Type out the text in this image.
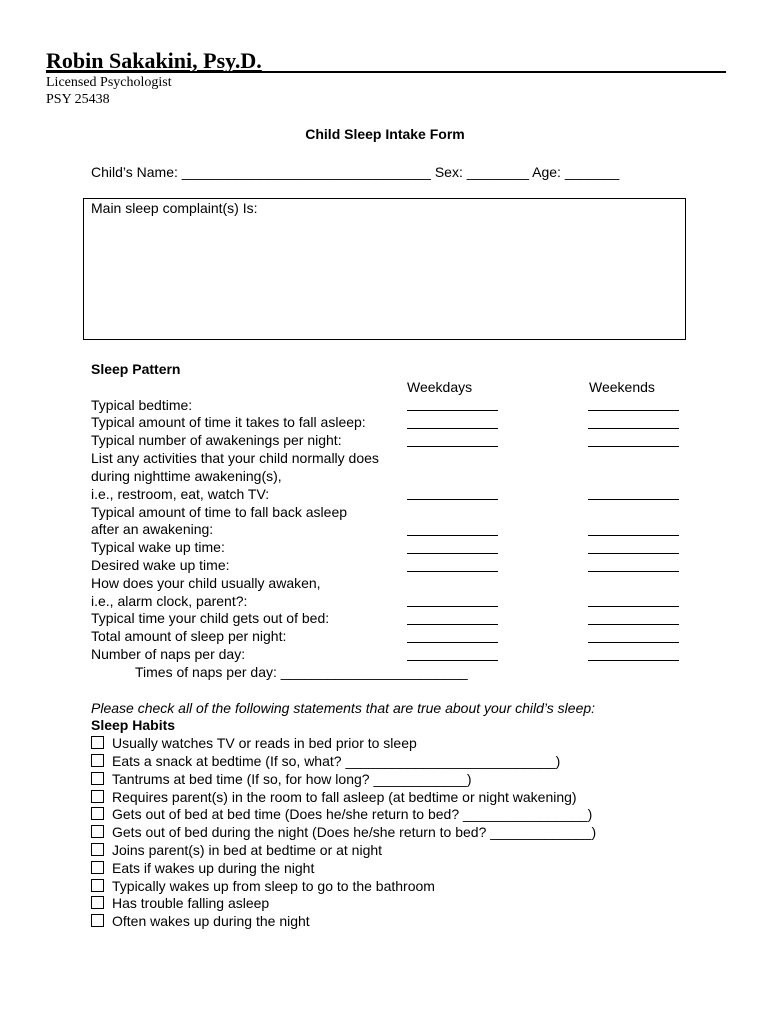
Robin Sakakini, Psy.D.
Licensed Psychologist
PSY 25438
Child Sleep Intake Form
Child’s Name: ________________________________ Sex: ________ Age: _______
Main sleep complaint(s) Is:
Sleep Pattern
Weekdays	Weekends
Typical bedtime:
Typical amount of time it takes to fall asleep:
Typical number of awakenings per night:
List any activities that your child normally does
during nighttime awakening(s),
i.e., restroom, eat, watch TV:
Typical amount of time to fall back asleep
after an awakening:
Typical wake up time:
Desired wake up time:
How does your child usually awaken,
i.e., alarm clock, parent?:
Typical time your child gets out of bed:
Total amount of sleep per night:
Number of naps per day:
Times of naps per day: ________________________
Please check all of the following statements that are true about your child’s sleep:
Sleep Habits
Usually watches TV or reads in bed prior to sleep
Eats a snack at bedtime (If so, what? ___________________________)
Tantrums at bed time (If so, for how long? ____________)
Requires parent(s) in the room to fall asleep (at bedtime or night wakening)
Gets out of bed at bed time (Does he/she return to bed? ________________)
Gets out of bed during the night (Does he/she return to bed? _____________)
Joins parent(s) in bed at bedtime or at night
Eats if wakes up during the night
Typically wakes up from sleep to go to the bathroom
Has trouble falling asleep
Often wakes up during the night
